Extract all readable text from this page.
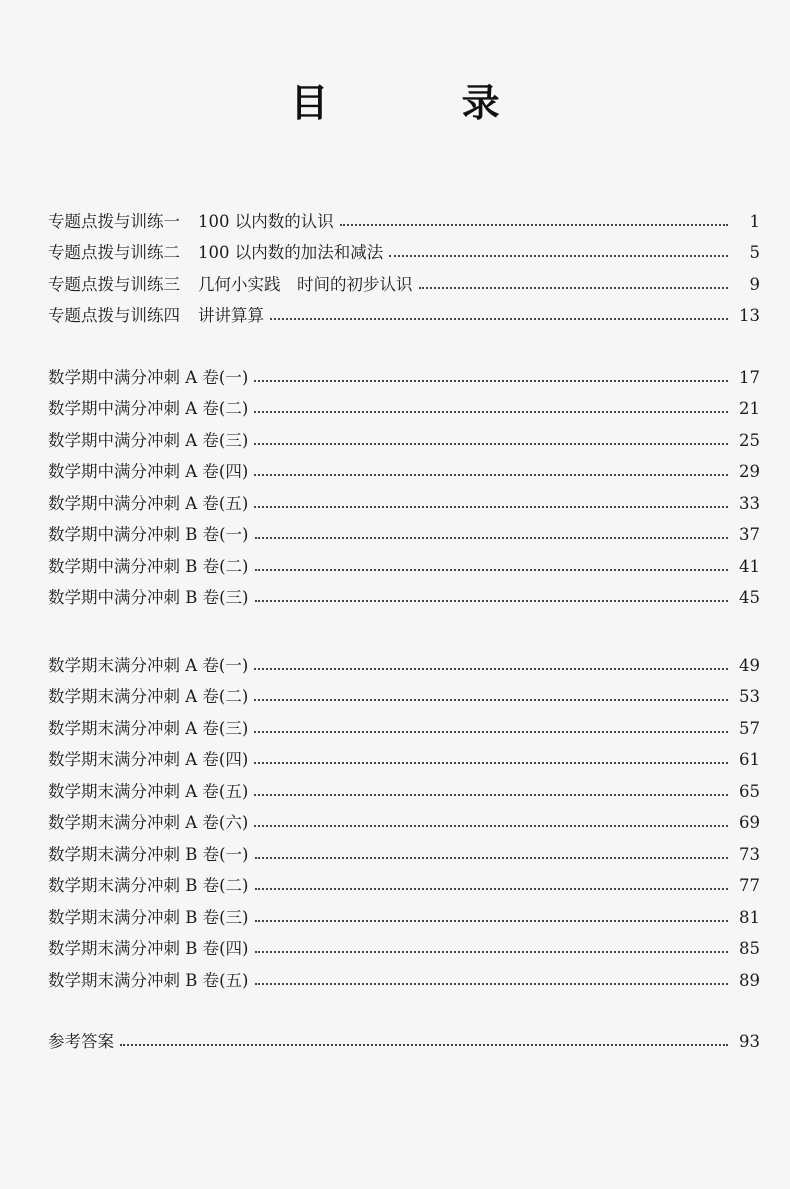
目 录
专题点拨与训练一 100 以内数的认识	1
专题点拨与训练二 100 以内数的加法和减法	5
专题点拨与训练三 几何小实践　时间的初步认识	9
专题点拨与训练四 讲讲算算	13
数学期中满分冲刺 A 卷(一)	17
数学期中满分冲刺 A 卷(二)	21
数学期中满分冲刺 A 卷(三)	25
数学期中满分冲刺 A 卷(四)	29
数学期中满分冲刺 A 卷(五)	33
数学期中满分冲刺 B 卷(一)	37
数学期中满分冲刺 B 卷(二)	41
数学期中满分冲刺 B 卷(三)	45
数学期末满分冲刺 A 卷(一)	49
数学期末满分冲刺 A 卷(二)	53
数学期末满分冲刺 A 卷(三)	57
数学期末满分冲刺 A 卷(四)	61
数学期末满分冲刺 A 卷(五)	65
数学期末满分冲刺 A 卷(六)	69
数学期末满分冲刺 B 卷(一)	73
数学期末满分冲刺 B 卷(二)	77
数学期末满分冲刺 B 卷(三)	81
数学期末满分冲刺 B 卷(四)	85
数学期末满分冲刺 B 卷(五)	89
参考答案	93
